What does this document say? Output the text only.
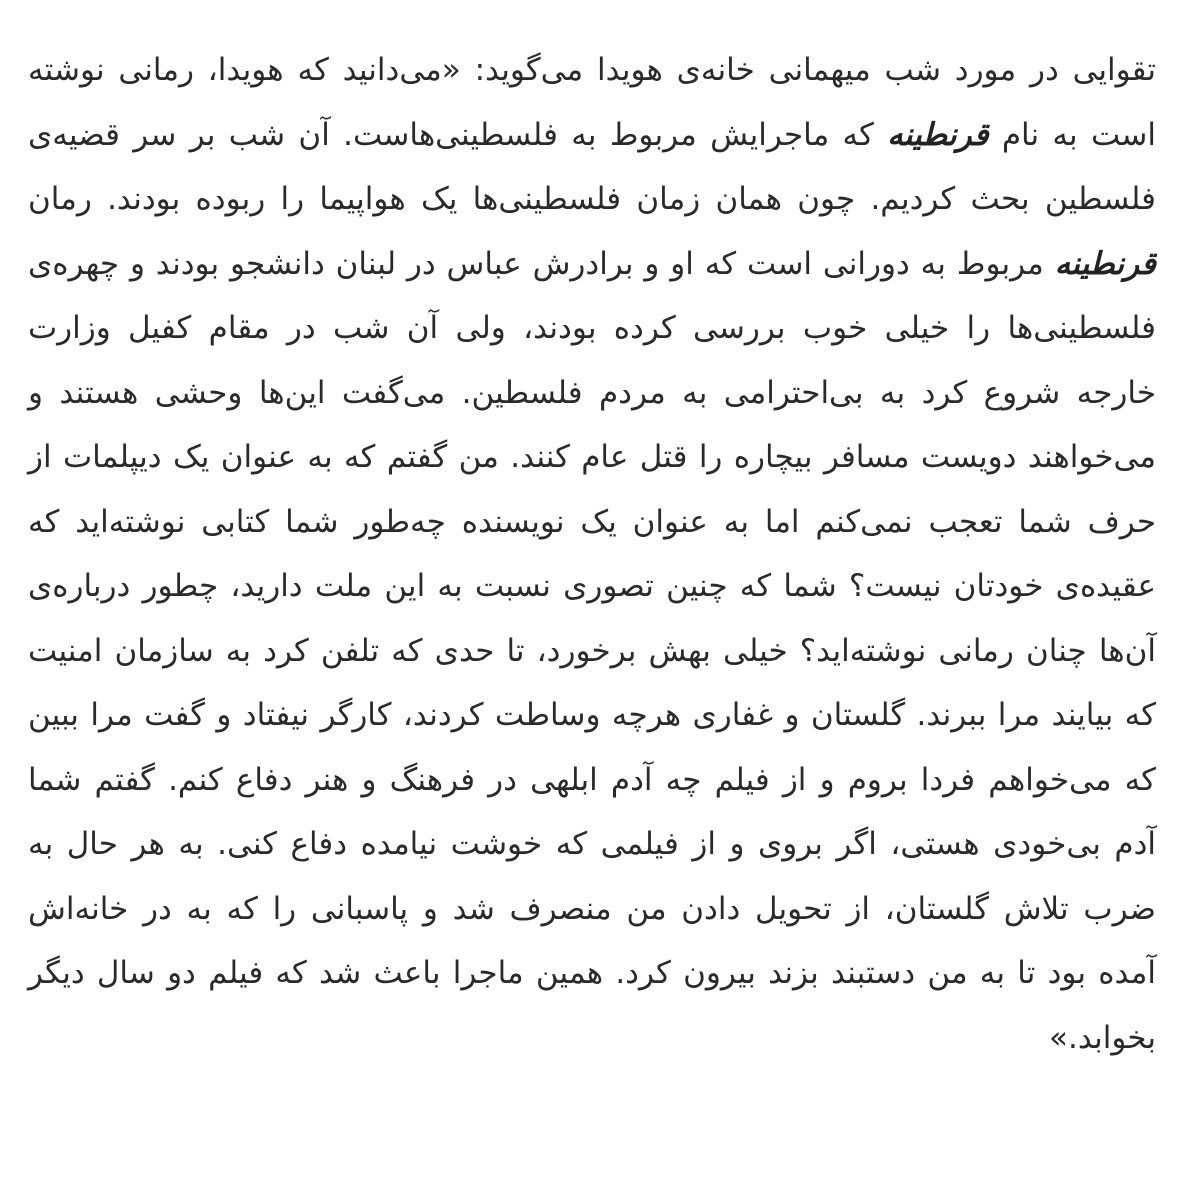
تقوایی در مورد شب میهمانی خانه‌ی هویدا می‌گوید: «می‌دانید که هویدا، رمانی نوشته است به نام قرنطینه که ماجرایش مربوط به فلسطینی‌هاست. آن شب بر سر قضیه‌ی فلسطین بحث کردیم. چون همان زمان فلسطینی‌ها یک هواپیما را ربوده بودند. رمان قرنطینه مربوط به دورانی است که او و برادرش عباس در لبنان دانشجو بودند و چهره‌ی فلسطینی‌ها را خیلی خوب بررسی کرده بودند، ولی آن شب در مقام کفیل وزارت خارجه شروع کرد به بی‌احترامی به مردم فلسطین. می‌گفت این‌ها وحشی هستند و می‌خواهند دویست مسافر بیچاره را قتل عام کنند. من گفتم که به عنوان یک دیپلمات از حرف شما تعجب نمی‌کنم اما به عنوان یک نویسنده چه‌طور شما کتابی نوشته‌اید که عقیده‌ی خودتان نیست؟ شما که چنین تصوری نسبت به این ملت دارید، چطور درباره‌ی آن‌ها چنان رمانی نوشته‌اید؟ خیلی بهش برخورد، تا حدی که تلفن کرد به سازمان امنیت که بیایند مرا ببرند. گلستان و غفاری هرچه وساطت کردند، کارگر نیفتاد و گفت مرا ببین که می‌خواهم فردا بروم و از فیلم چه آدم ابلهی در فرهنگ و هنر دفاع کنم. گفتم شما آدم بی‌خودی هستی، اگر بروی و از فیلمی که خوشت نیامده دفاع کنی. به هر حال به ضرب تلاش گلستان، از تحویل دادن من منصرف شد و پاسبانی را که به در خانه‌اش آمده بود تا به من دستبند بزند بیرون کرد. همین ماجرا باعث شد که فیلم دو سال دیگر بخوابد.»
